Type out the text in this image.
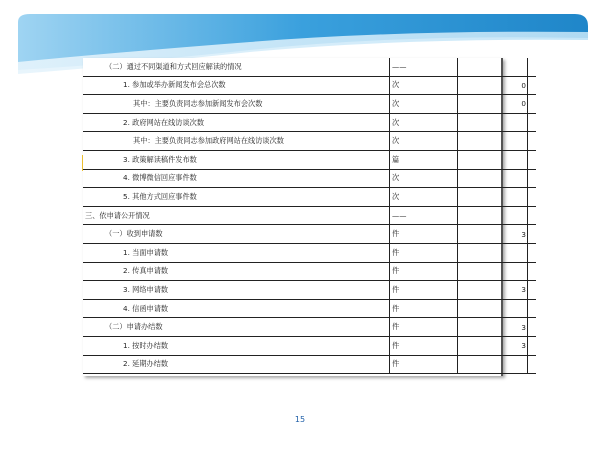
（二）通过不同渠道和方式回应解读的情况	——		
1. 参加或举办新闻发布会总次数	次	0	
其中：主要负责同志参加新闻发布会次数	次	0	
2. 政府网站在线访谈次数	次		
其中：主要负责同志参加政府网站在线访谈次数	次		
3. 政策解读稿件发布数	篇		
4. 微博微信回应事件数	次		
5. 其他方式回应事件数	次		
三、依申请公开情况	——		
（一）收到申请数	件	3	
1. 当面申请数	件		
2. 传真申请数	件		
3. 网络申请数	件	3	
4. 信函申请数	件		
（二）申请办结数	件	3	
1. 按时办结数	件	3	
2. 延期办结数	件		
15
